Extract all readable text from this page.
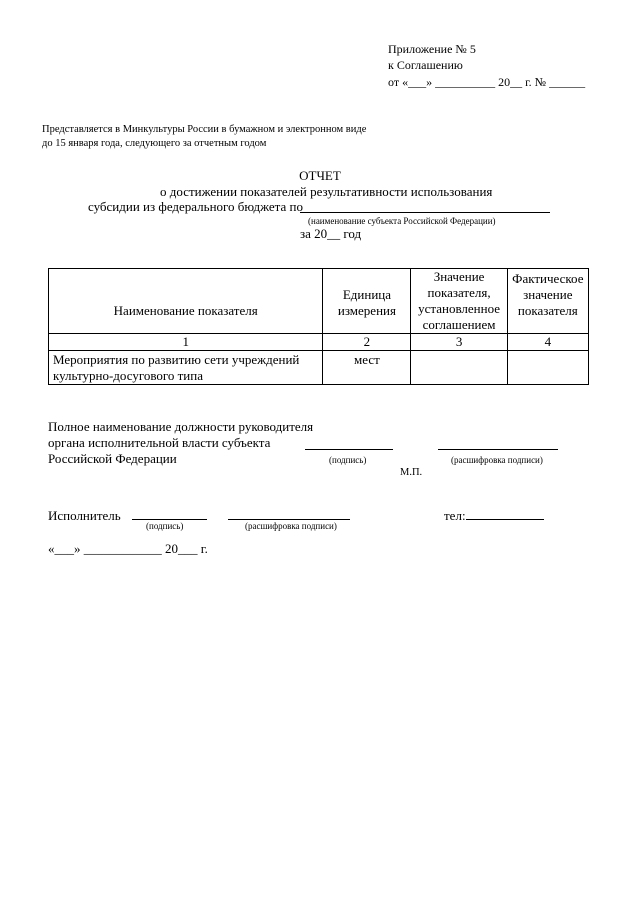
Приложение № 5
к Соглашению
от «___» __________ 20__ г. № ______
Представляется в Минкультуры России в бумажном и электронном виде
до 15 января года, следующего за отчетным годом
ОТЧЕТ
о достижении показателей результативности использования
субсидии из федерального бюджета по
(наименование субъекта Российской Федерации)
за 20__ год
Наименование показателя	Единица измерения	Значение показателя, установленное соглашением	Фактическое значение показателя
1	2	3	4
Мероприятия по развитию сети учреждений культурно-досугового типа	мест		
Полное наименование должности руководителя
органа исполнительной власти субъекта
Российской Федерации	(подпись)	(расшифровка подписи)
М.П.
Исполнитель
(подпись)	(расшифровка подписи)
тел:
«___» ____________ 20___ г.
